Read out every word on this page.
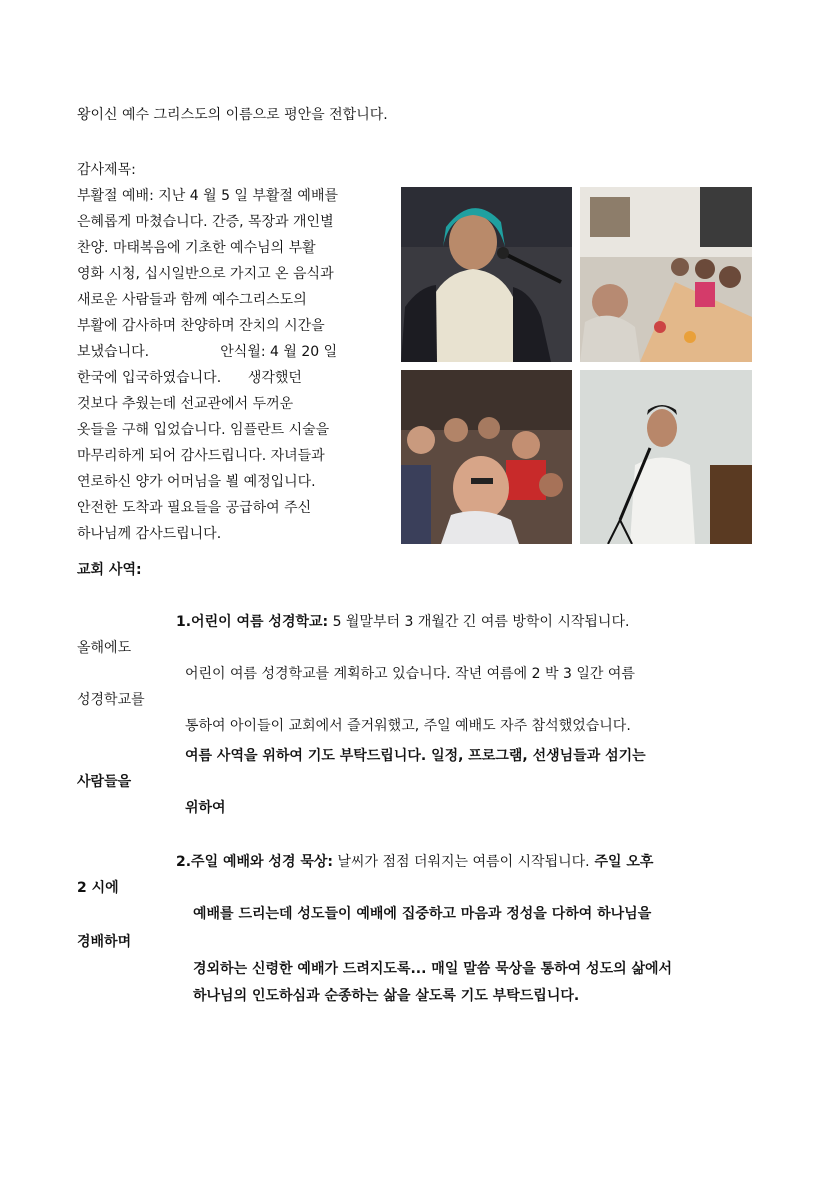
왕이신 예수 그리스도의 이름으로 평안을 전합니다.
감사제목:
부활절 예배: 지난 4 월 5 일 부활절 예배를
은혜롭게 마쳤습니다. 간증, 목장과 개인별
찬양. 마태복음에 기초한 예수님의 부활
영화 시청, 십시일반으로 가지고 온 음식과
새로운 사람들과 함께 예수그리스도의
부활에 감사하며 찬양하며 잔치의 시간을
보냈습니다.                안식월: 4 월 20 일
한국에 입국하였습니다.      생각했던
것보다 추웠는데 선교관에서 두꺼운
옷들을 구해 입었습니다. 임플란트 시술을
마무리하게 되어 감사드립니다. 자녀들과
연로하신 양가 어머님을 뵐 예정입니다.
안전한 도착과 필요들을 공급하여 주신
하나님께 감사드립니다.
교회 사역:
1.어린이 여름 성경학교: 5 월말부터 3 개월간 긴 여름 방학이 시작됩니다.
올해에도
어린이 여름 성경학교를 계획하고 있습니다. 작년 여름에 2 박 3 일간 여름
성경학교를
통하여 아이들이 교회에서 즐거워했고, 주일 예배도 자주 참석했었습니다.
여름 사역을 위하여 기도 부탁드립니다. 일정, 프로그램, 선생님들과 섬기는
사람들을
위하여
2.주일 예배와 성경 묵상: 날씨가 점점 더워지는 여름이 시작됩니다. 주일 오후
2 시에
예배를 드리는데 성도들이 예배에 집중하고 마음과 정성을 다하여 하나님을
경배하며
경외하는 신령한 예배가 드려지도록... 매일 말씀 묵상을 통하여 성도의 삶에서
하나님의 인도하심과 순종하는 삶을 살도록 기도 부탁드립니다.
